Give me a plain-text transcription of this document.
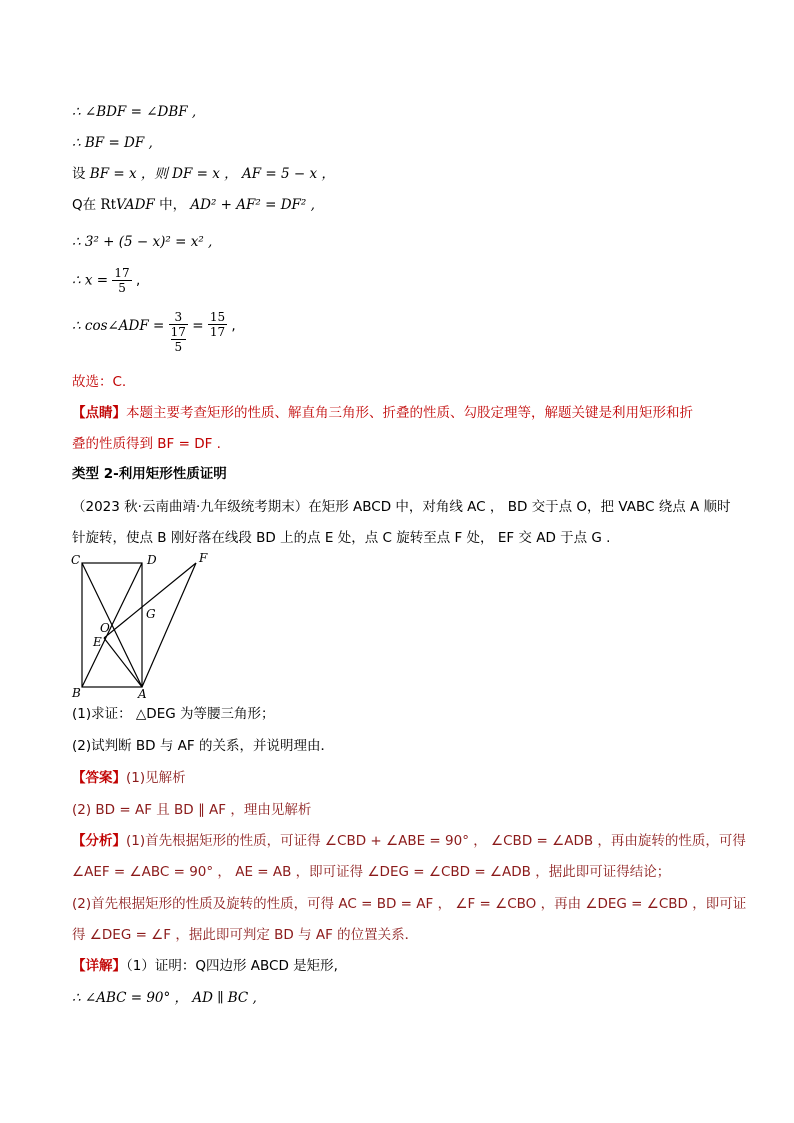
∴ ∠BDF = ∠DBF ,
∴ BF = DF ,
设 BF = x ，则 DF = x ， AF = 5 − x ，
Q在 RtVADF 中， AD² + AF² = DF² ,
∴ 3² + (5 − x)² = x² ,
∴ $x = \frac{17}{5}$ ,
∴ cos∠ADF = 3
17
$5 = \frac{15}{17}$ ,
故选：C.
【点睛】本题主要考查矩形的性质、解直角三角形、折叠的性质、勾股定理等，解题关键是利用矩形和折
叠的性质得到 BF = DF .
类型 2-利用矩形性质证明
（2023 秋·云南曲靖·九年级统考期末）在矩形 ABCD 中，对角线 AC ， BD 交于点 O，把 VABC 绕点 A 顺时
针旋转，使点 B 刚好落在线段 BD 上的点 E 处，点 C 旋转至点 F 处， EF 交 AD 于点 G .
C	D	F
G
O
E
B	A
(1)求证： △DEG 为等腰三角形；
(2)试判断 BD 与 AF 的关系，并说明理由．
【答案】(1)见解析
(2) BD = AF 且 BD ∥ AF ，理由见解析
【分析】(1)首先根据矩形的性质，可证得 ∠CBD + ∠ABE = 90° ， ∠CBD = ∠ADB ，再由旋转的性质，可得
∠AEF = ∠ABC = 90° ， AE = AB ，即可证得 ∠DEG = ∠CBD = ∠ADB ，据此即可证得结论；
(2)首先根据矩形的性质及旋转的性质，可得 AC = BD = AF ， ∠F = ∠CBO ，再由 ∠DEG = ∠CBD ，即可证
得 ∠DEG = ∠F ，据此即可判定 BD 与 AF 的位置关系．
【详解】（1）证明：Q四边形 ABCD 是矩形,
∴ ∠ABC = 90° ， AD ∥ BC ,
